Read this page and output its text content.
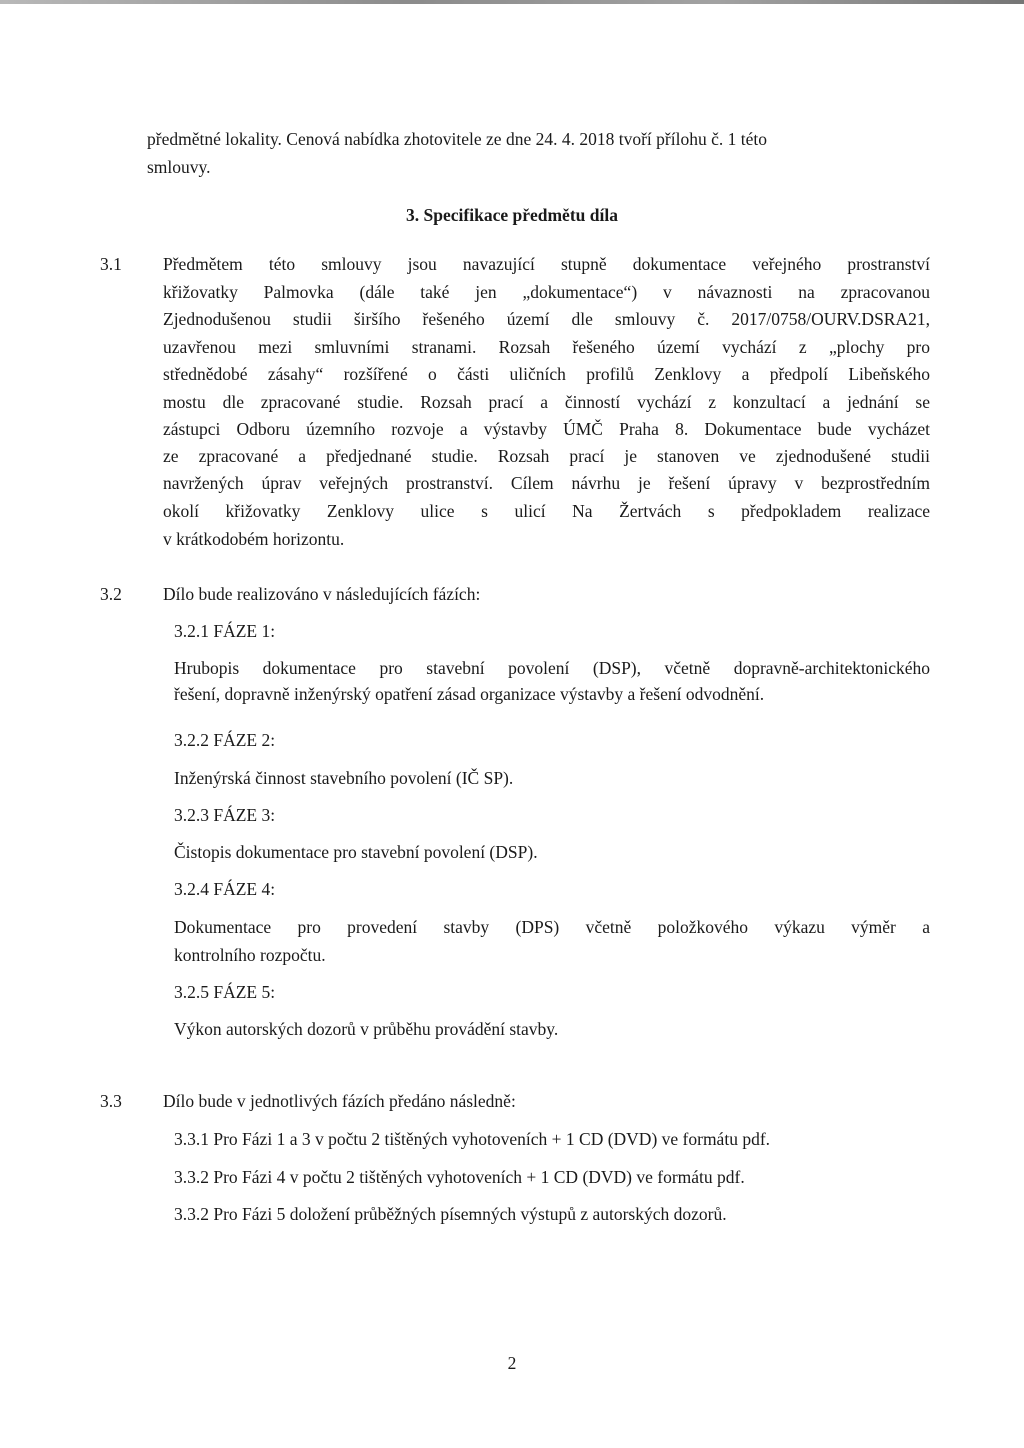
předmětné lokality. Cenová nabídka zhotovitele ze dne 24. 4. 2018 tvoří přílohu č. 1 této

smlouvy.

3. Specifikace předmětu díla

3.1 Předmětem této smlouvy jsou navazující stupně dokumentace veřejného prostranství

křižovatky Palmovka (dále také jen „dokumentace“) v návaznosti na zpracovanou

Zjednodušenou studii širšího řešeného území dle smlouvy č. 2017/0758/OURV.DSRA21,

uzavřenou mezi smluvními stranami. Rozsah řešeného území vychází z „plochy pro

střednědobé zásahy“ rozšířené o části uličních profilů Zenklovy a předpolí Libeňského

mostu dle zpracované studie. Rozsah prací a činností vychází z konzultací a jednání se

zástupci Odboru územního rozvoje a výstavby ÚMČ Praha 8. Dokumentace bude vycházet

ze zpracované a předjednané studie. Rozsah prací je stanoven ve zjednodušené studii

navržených úprav veřejných prostranství. Cílem návrhu je řešení úpravy v bezprostředním

okolí křižovatky Zenklovy ulice s ulicí Na Žertvách s předpokladem realizace

v krátkodobém horizontu.

3.2 Dílo bude realizováno v následujících fázích:

3.2.1 FÁZE 1:

Hrubopis dokumentace pro stavební povolení (DSP), včetně dopravně-architektonického

řešení, dopravně inženýrský opatření zásad organizace výstavby a řešení odvodnění.

3.2.2 FÁZE 2:

Inženýrská činnost stavebního povolení (IČ SP).

3.2.3 FÁZE 3:

Čistopis dokumentace pro stavební povolení (DSP).

3.2.4 FÁZE 4:

Dokumentace pro provedení stavby (DPS) včetně položkového výkazu výměr a

kontrolního rozpočtu.

3.2.5 FÁZE 5:

Výkon autorských dozorů v průběhu provádění stavby.

3.3 Dílo bude v jednotlivých fázích předáno následně:

3.3.1 Pro Fázi 1 a 3 v počtu 2 tištěných vyhotoveních + 1 CD (DVD) ve formátu pdf.

3.3.2 Pro Fázi 4 v počtu 2 tištěných vyhotoveních + 1 CD (DVD) ve formátu pdf.

3.3.2 Pro Fázi 5 doložení průběžných písemných výstupů z autorských dozorů.

2
